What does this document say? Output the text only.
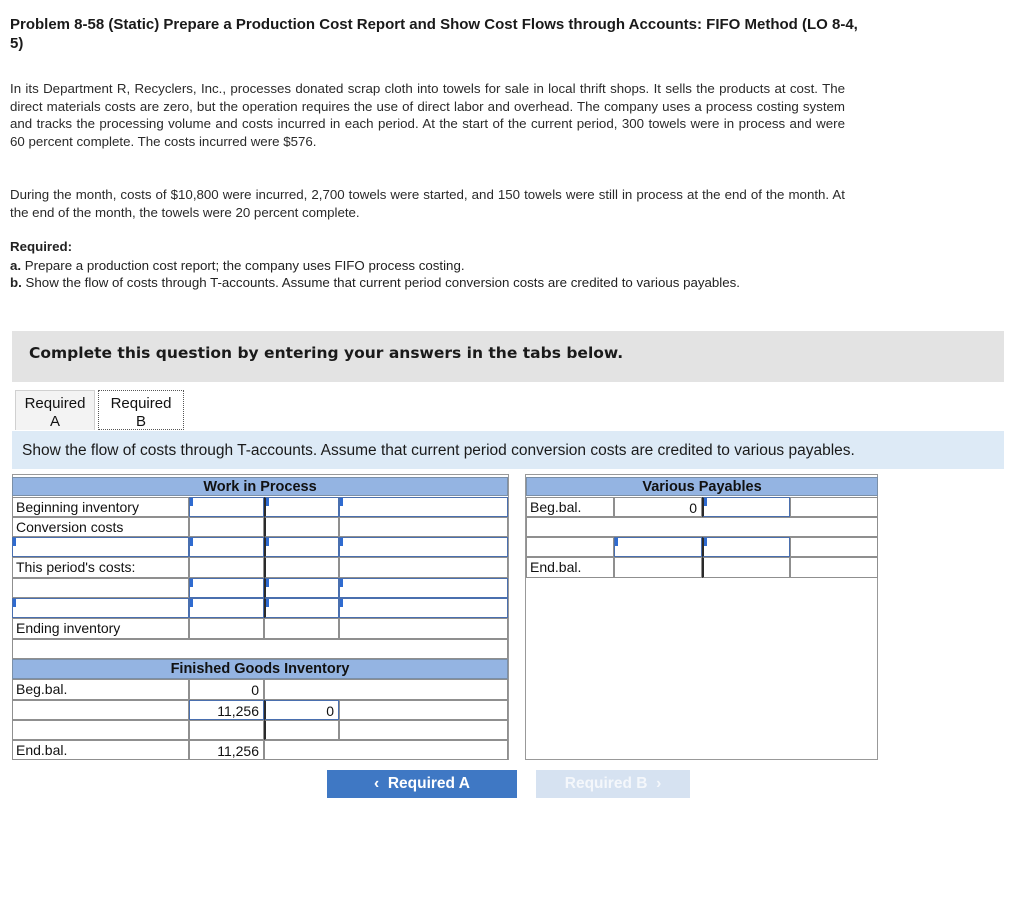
Problem 8-58 (Static) Prepare a Production Cost Report and Show Cost Flows through Accounts: FIFO Method (LO 8-4, 5)
In its Department R, Recyclers, Inc., processes donated scrap cloth into towels for sale in local thrift shops. It sells the products at cost. The direct materials costs are zero, but the operation requires the use of direct labor and overhead. The company uses a process costing system and tracks the processing volume and costs incurred in each period. At the start of the current period, 300 towels were in process and were 60 percent complete. The costs incurred were $576.
During the month, costs of $10,800 were incurred, 2,700 towels were started, and 150 towels were still in process at the end of the month. At the end of the month, the towels were 20 percent complete.
Required:
a. Prepare a production cost report; the company uses FIFO process costing.
b. Show the flow of costs through T-accounts. Assume that current period conversion costs are credited to various payables.
Complete this question by entering your answers in the tabs below.
Required
A
Required
B
Show the flow of costs through T-accounts. Assume that current period conversion costs are credited to various payables.
Work in Process
Beginning inventory
Conversion costs
This period's costs:
Ending inventory
Finished Goods Inventory
Beg.bal.	0
11,256	0
End.bal.	11,256
Various Payables
Beg.bal.	0
End.bal.
‹ Required A	Required B ›
